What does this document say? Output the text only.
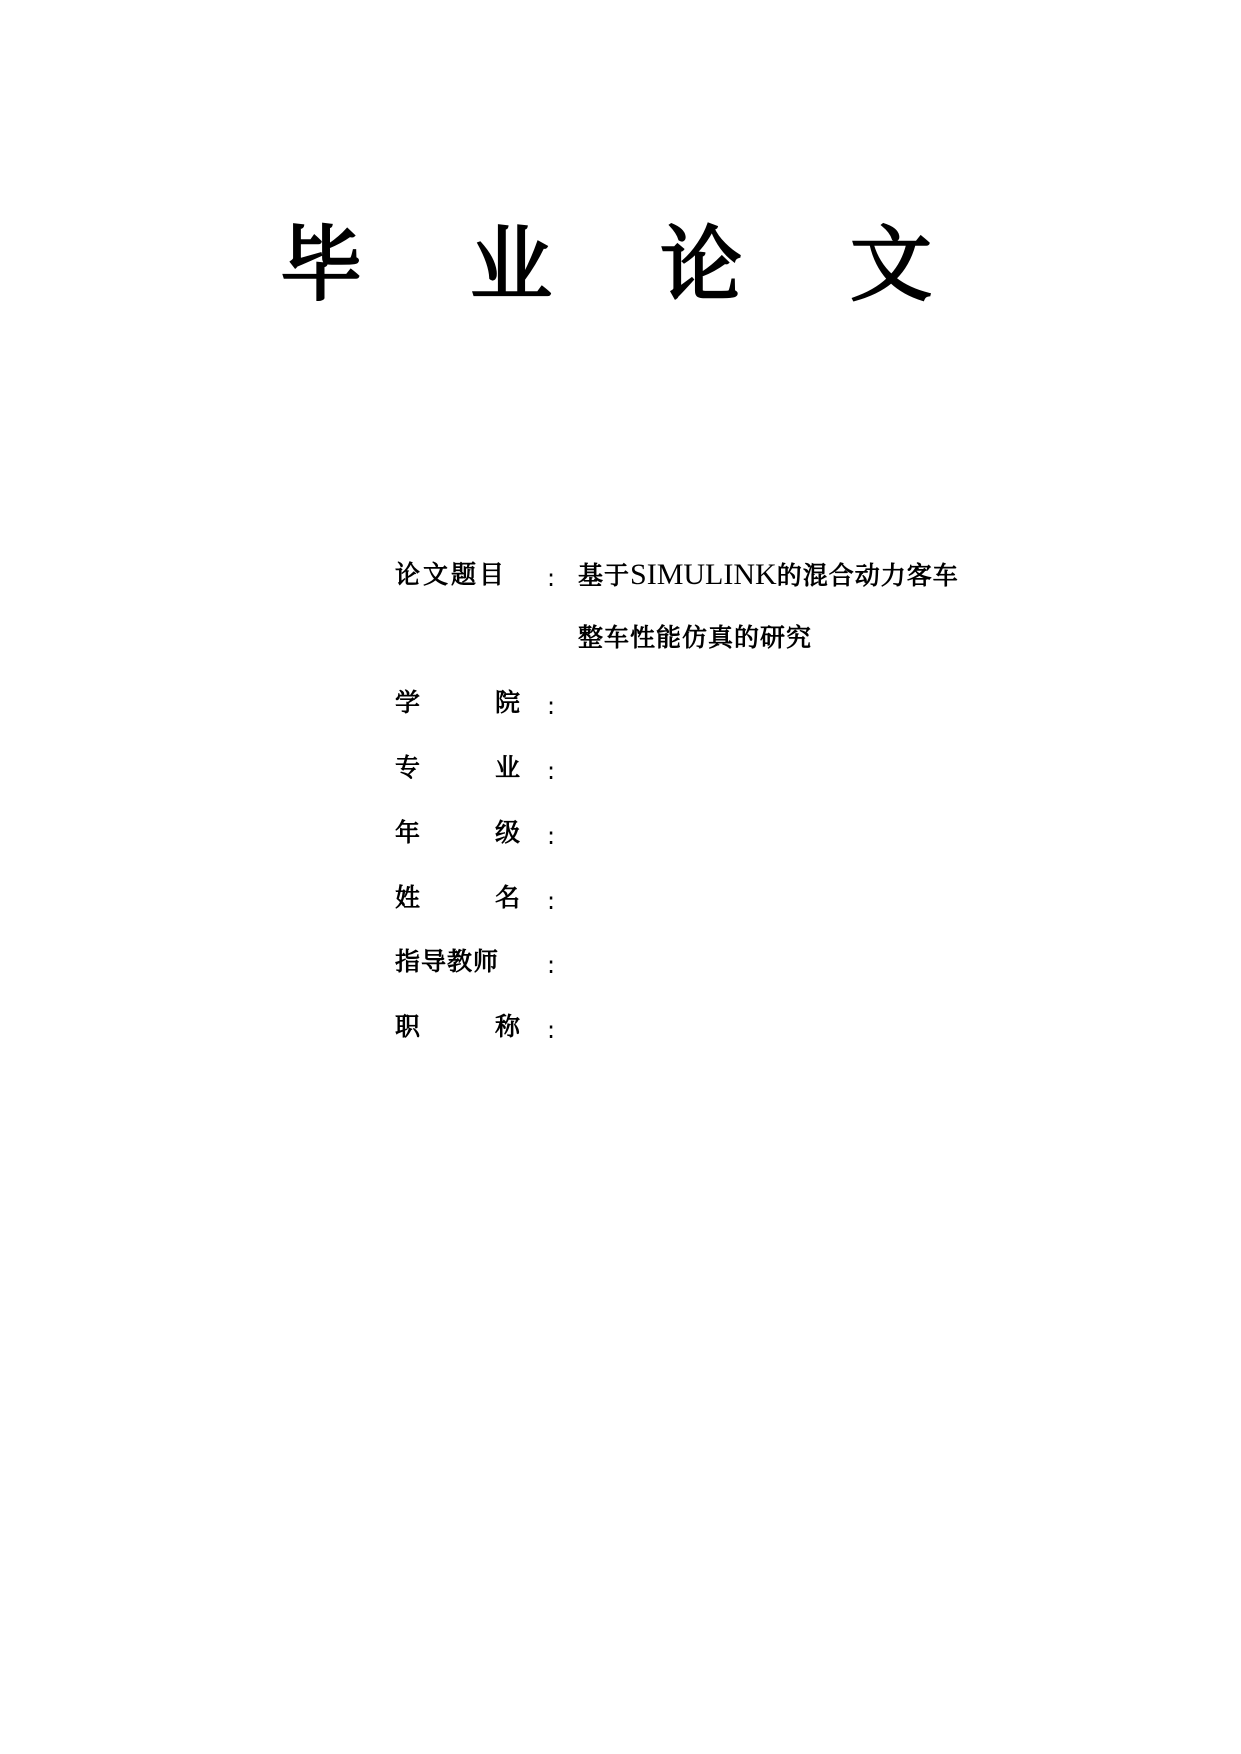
毕 业 论 文
论文题目 : 基于SIMULINK的混合动力客车
整车性能仿真的研究
学	院 :
专	业 :
年	级 :
姓	名 :
指导教师 :
职	称 :
